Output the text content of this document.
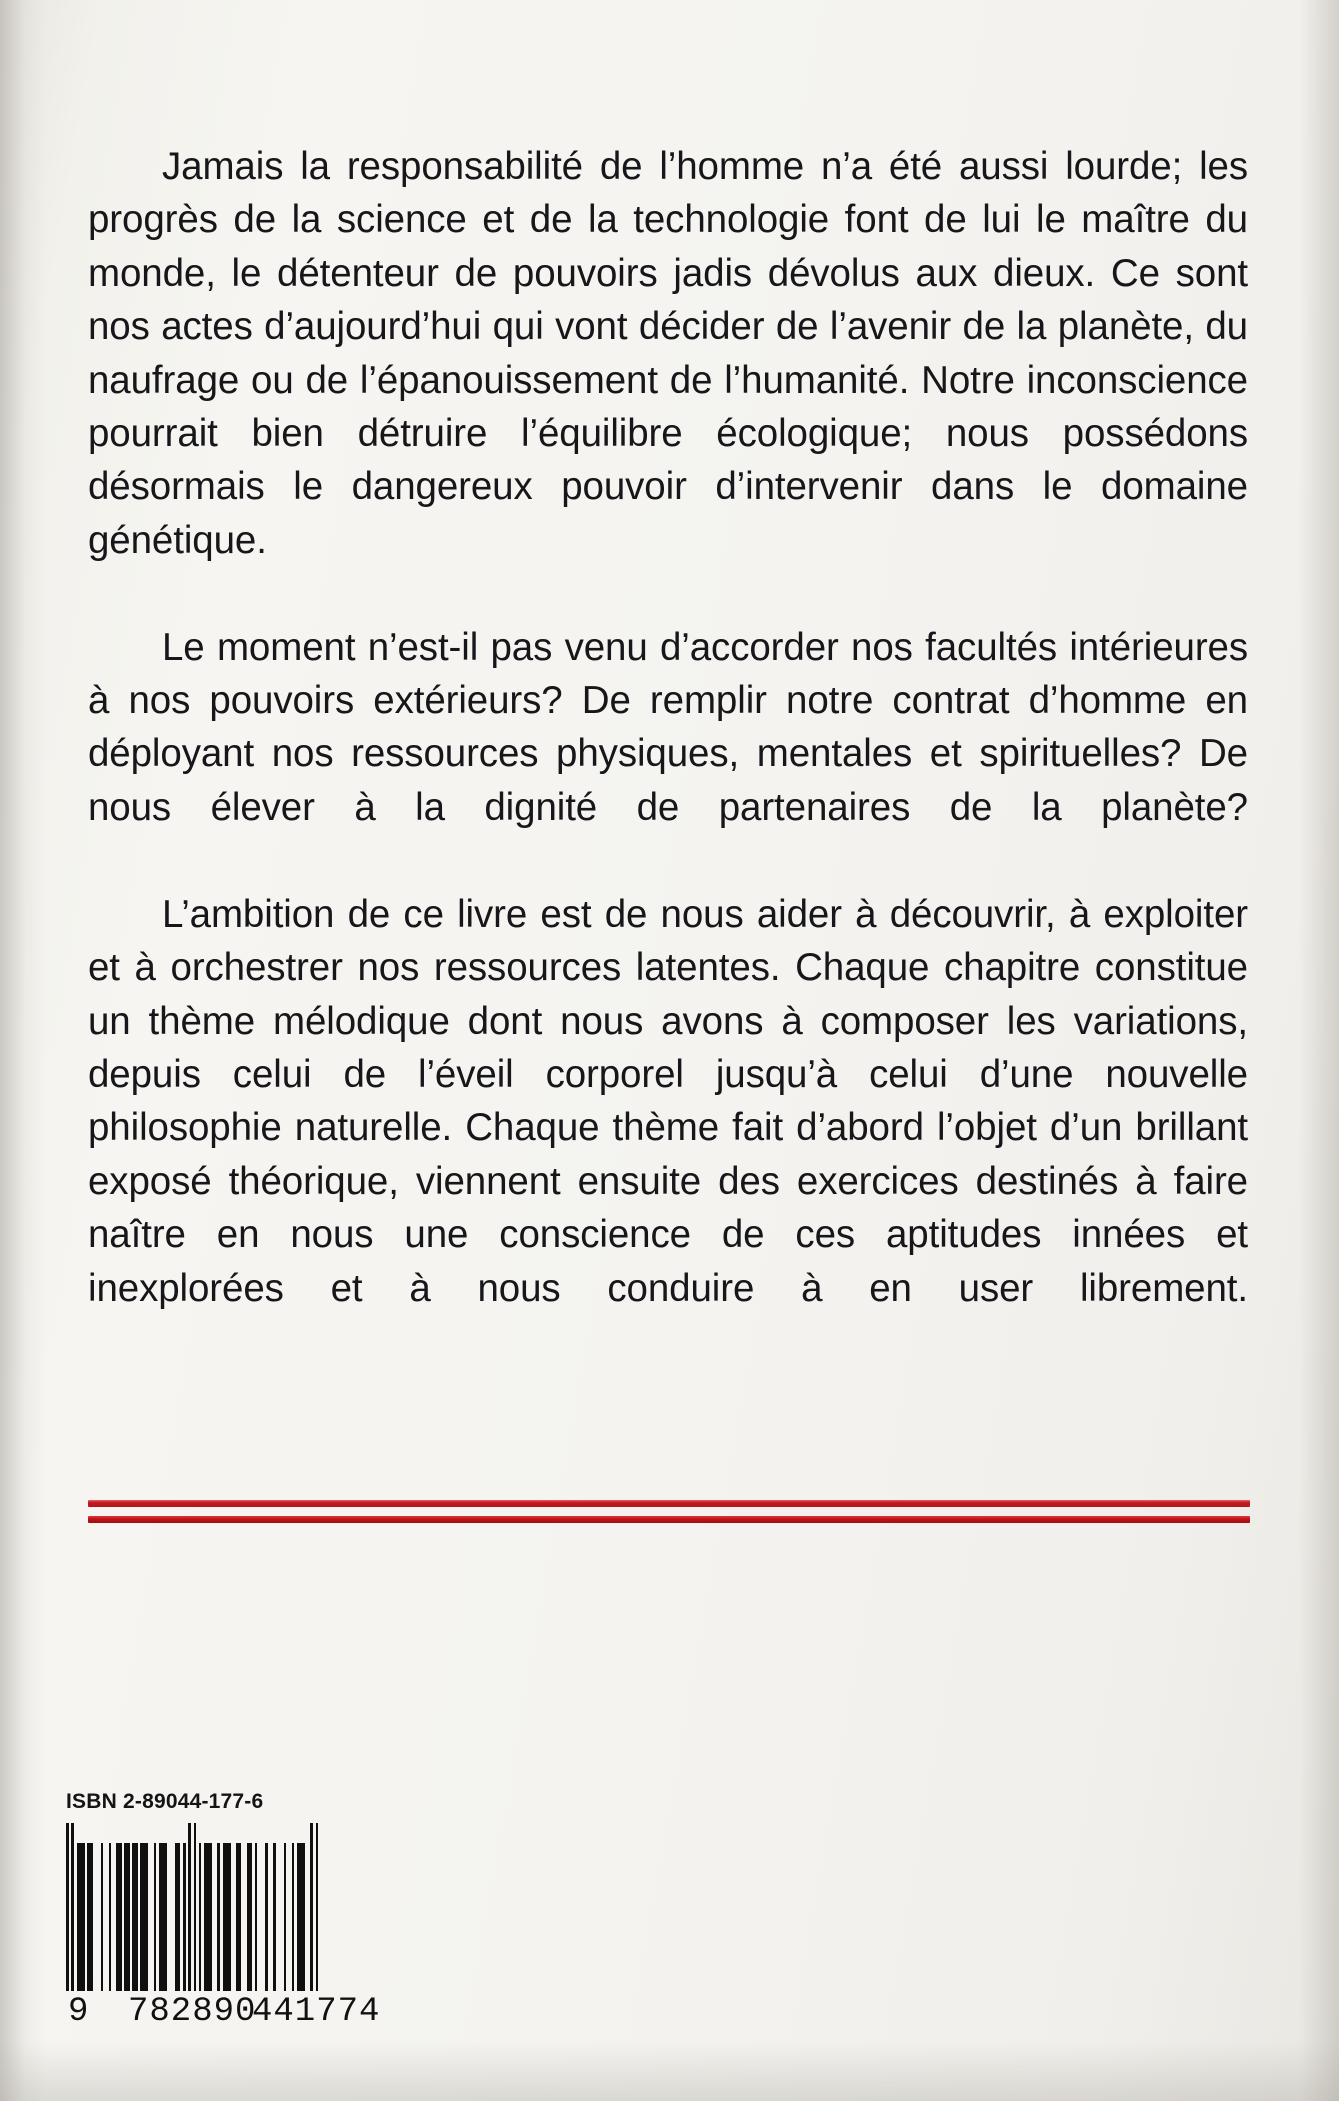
Jamais la responsabilité de l’homme n’a été aussi lourde; les progrès de la science et de la technologie font de lui le maître du monde, le détenteur de pouvoirs jadis dévolus aux dieux. Ce sont nos actes d’aujourd’hui qui vont décider de l’avenir de la planète, du naufrage ou de l’épanouissement de l’humanité. Notre inconscience pourrait bien détruire l’équilibre écologique; nous possédons désormais le dangereux pouvoir d’intervenir dans le domaine génétique.

Le moment n’est-il pas venu d’accorder nos facultés intérieures à nos pouvoirs extérieurs? De remplir notre contrat d’homme en déployant nos ressources physiques, mentales et spirituelles? De nous élever à la dignité de partenaires de la planète?

L’ambition de ce livre est de nous aider à découvrir, à exploiter et à orchestrer nos ressources latentes. Chaque chapitre constitue un thème mélodique dont nous avons à composer les variations, depuis celui de l’éveil corporel jusqu’à celui d’une nouvelle philosophie naturelle. Chaque thème fait d’abord l’objet d’un brillant exposé théorique, viennent ensuite des exercices destinés à faire naître en nous une conscience de ces aptitudes innées et inexplorées et à nous conduire à en user librement.

ISBN 2-89044-177-6
9 782890
441774
